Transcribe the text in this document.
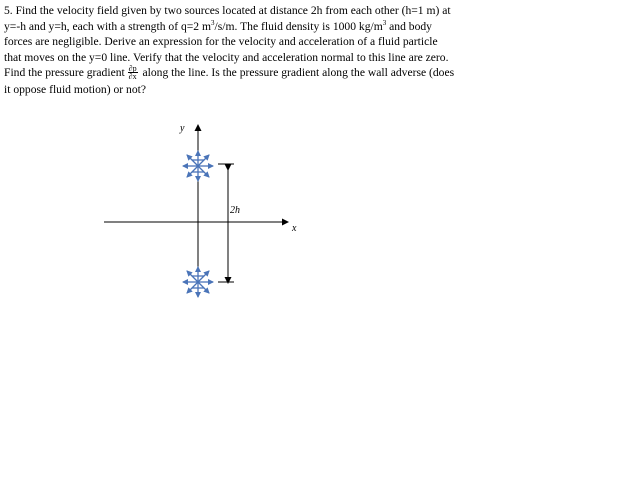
5. Find the velocity field given by two sources located at distance 2h from each other (h=1 m) at
y=-h and y=h, each with a strength of q=2 $m^3/s/m$. The fluid density is 1000 $kg/m^3$ and body
forces are negligible. Derive an expression for the velocity and acceleration of a fluid particle
that moves on the y=0 line. Verify that the velocity and acceleration normal to this line are zero.
Find the pressure gradient $\frac{\partial p}{\partial x}$ along the line. Is the pressure gradient along the wall adverse (does
it oppose fluid motion) or not?
y
x
2h
